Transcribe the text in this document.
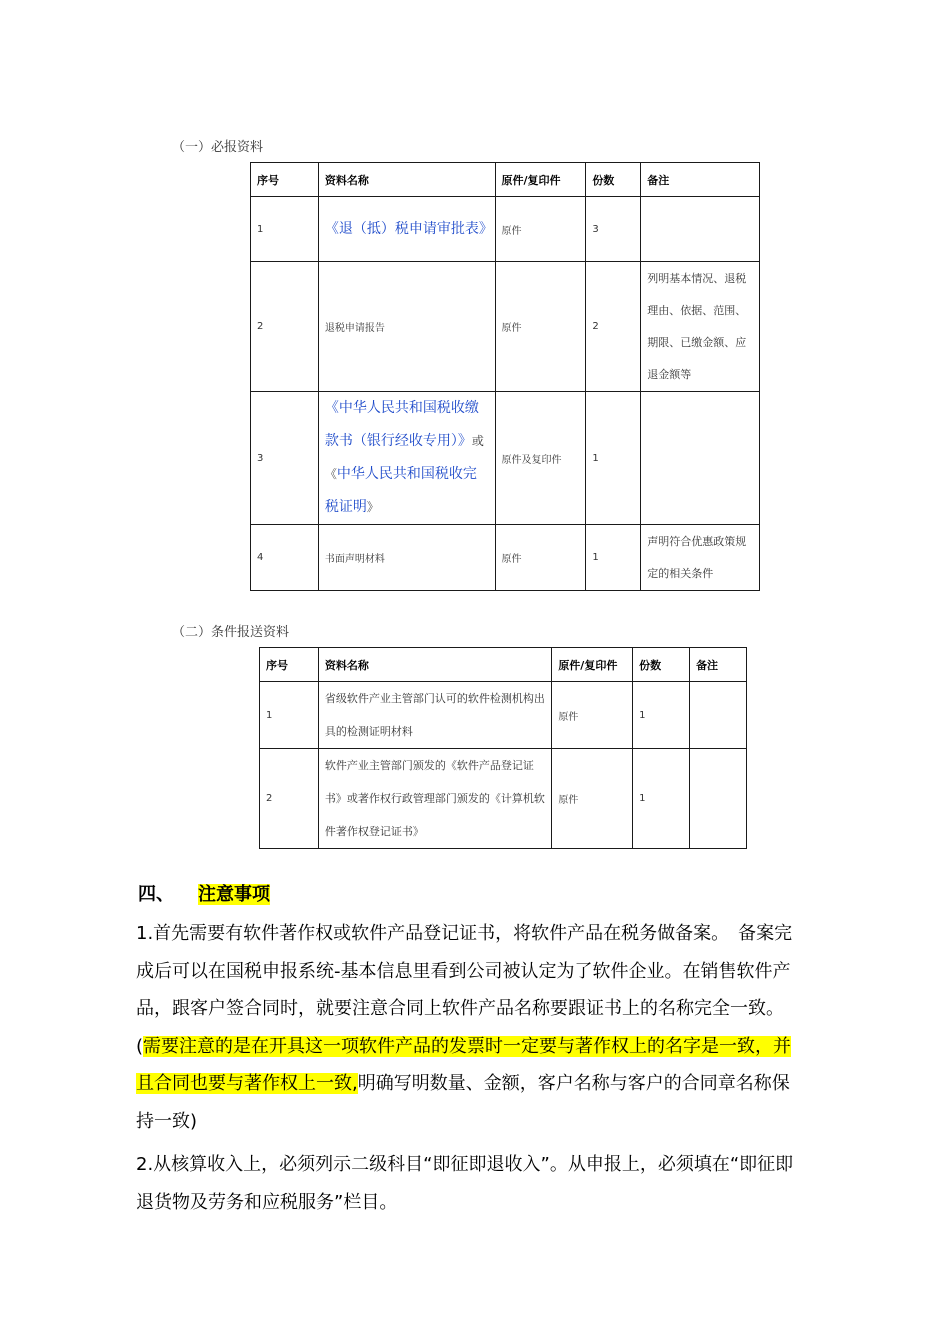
（一）必报资料
序号	资料名称	原件/复印件	份数	备注
1	《退（抵）税申请审批表》	原件	3	
2	退税申请报告	原件	2	列明基本情况、退税理由、依据、范围、期限、已缴金额、应退金额等
3	《中华人民共和国税收缴款书（银行经收专用）》或《中华人民共和国税收完税证明》	原件及复印件	1	
4	书面声明材料	原件	1	声明符合优惠政策规定的相关条件
（二）条件报送资料
序号	资料名称	原件/复印件	份数	备注
1	省级软件产业主管部门认可的软件检测机构出具的检测证明材料	原件	1	
2	软件产业主管部门颁发的《软件产品登记证书》或著作权行政管理部门颁发的《计算机软件著作权登记证书》	原件	1	
四、 注意事项
1.首先需要有软件著作权或软件产品登记证书，将软件产品在税务做备案。　备案完成后可以在国税申报系统-基本信息里看到公司被认定为了软件企业。在销售软件产品，跟客户签合同时，就要注意合同上软件产品名称要跟证书上的名称完全一致。(需要注意的是在开具这一项软件产品的发票时一定要与著作权上的名字是一致，并且合同也要与著作权上一致,明确写明数量、金额，客户名称与客户的合同章名称保持一致)
2.从核算收入上，必须列示二级科目“即征即退收入”。从申报上，必须填在“即征即退货物及劳务和应税服务”栏目。
